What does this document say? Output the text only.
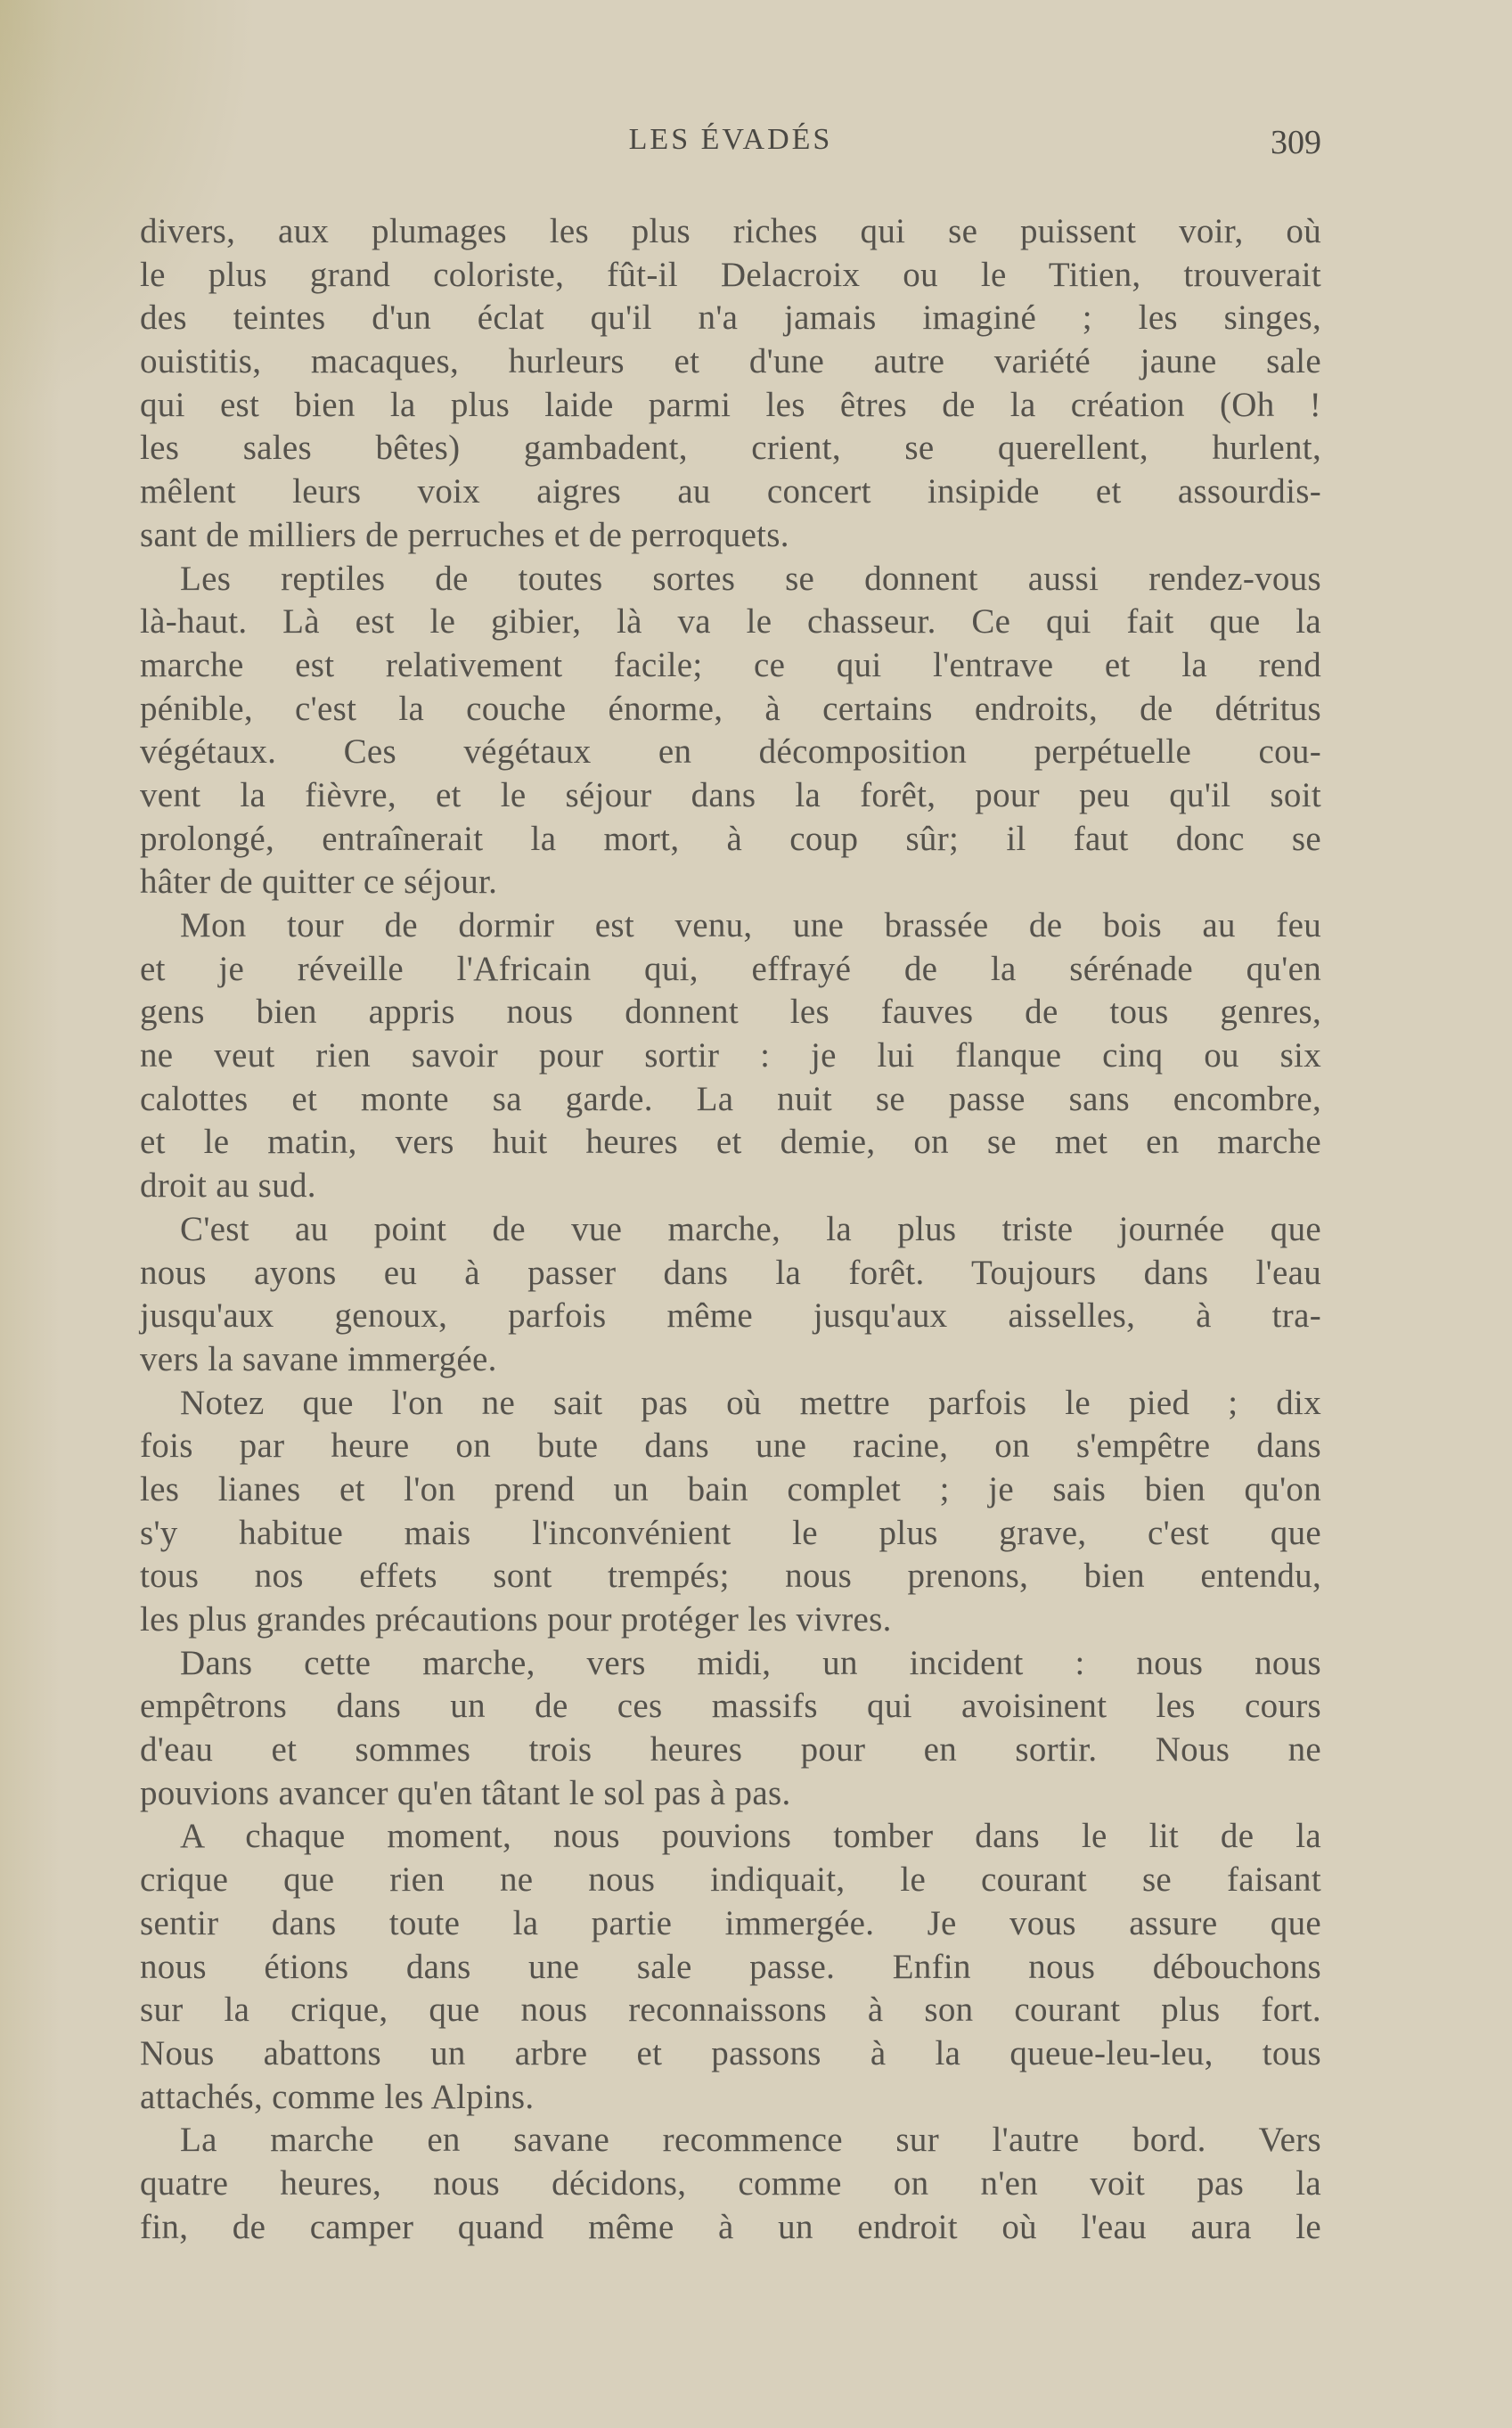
LES ÉVADÉS	309
divers, aux plumages les plus riches qui se puissent voir, où
le plus grand coloriste, fût-il Delacroix ou le Titien, trouverait
des teintes d'un éclat qu'il n'a jamais imaginé ; les singes,
ouistitis, macaques, hurleurs et d'une autre variété jaune sale
qui est bien la plus laide parmi les êtres de la création (Oh !
les sales bêtes) gambadent, crient, se querellent, hurlent,
mêlent leurs voix aigres au concert insipide et assourdis-
sant de milliers de perruches et de perroquets.
Les reptiles de toutes sortes se donnent aussi rendez-vous
là-haut. Là est le gibier, là va le chasseur. Ce qui fait que la
marche est relativement facile; ce qui l'entrave et la rend
pénible, c'est la couche énorme, à certains endroits, de détritus
végétaux. Ces végétaux en décomposition perpétuelle cou-
vent la fièvre, et le séjour dans la forêt, pour peu qu'il soit
prolongé, entraînerait la mort, à coup sûr; il faut donc se
hâter de quitter ce séjour.
Mon tour de dormir est venu, une brassée de bois au feu
et je réveille l'Africain qui, effrayé de la sérénade qu'en
gens bien appris nous donnent les fauves de tous genres,
ne veut rien savoir pour sortir : je lui flanque cinq ou six
calottes et monte sa garde. La nuit se passe sans encombre,
et le matin, vers huit heures et demie, on se met en marche
droit au sud.
C'est au point de vue marche, la plus triste journée que
nous ayons eu à passer dans la forêt. Toujours dans l'eau
jusqu'aux genoux, parfois même jusqu'aux aisselles, à tra-
vers la savane immergée.
Notez que l'on ne sait pas où mettre parfois le pied ; dix
fois par heure on bute dans une racine, on s'empêtre dans
les lianes et l'on prend un bain complet ; je sais bien qu'on
s'y habitue mais l'inconvénient le plus grave, c'est que
tous nos effets sont trempés; nous prenons, bien entendu,
les plus grandes précautions pour protéger les vivres.
Dans cette marche, vers midi, un incident : nous nous
empêtrons dans un de ces massifs qui avoisinent les cours
d'eau et sommes trois heures pour en sortir. Nous ne
pouvions avancer qu'en tâtant le sol pas à pas.
A chaque moment, nous pouvions tomber dans le lit de la
crique que rien ne nous indiquait, le courant se faisant
sentir dans toute la partie immergée. Je vous assure que
nous étions dans une sale passe. Enfin nous débouchons
sur la crique, que nous reconnaissons à son courant plus fort.
Nous abattons un arbre et passons à la queue-leu-leu, tous
attachés, comme les Alpins.
La marche en savane recommence sur l'autre bord. Vers
quatre heures, nous décidons, comme on n'en voit pas la
fin, de camper quand même à un endroit où l'eau aura le
